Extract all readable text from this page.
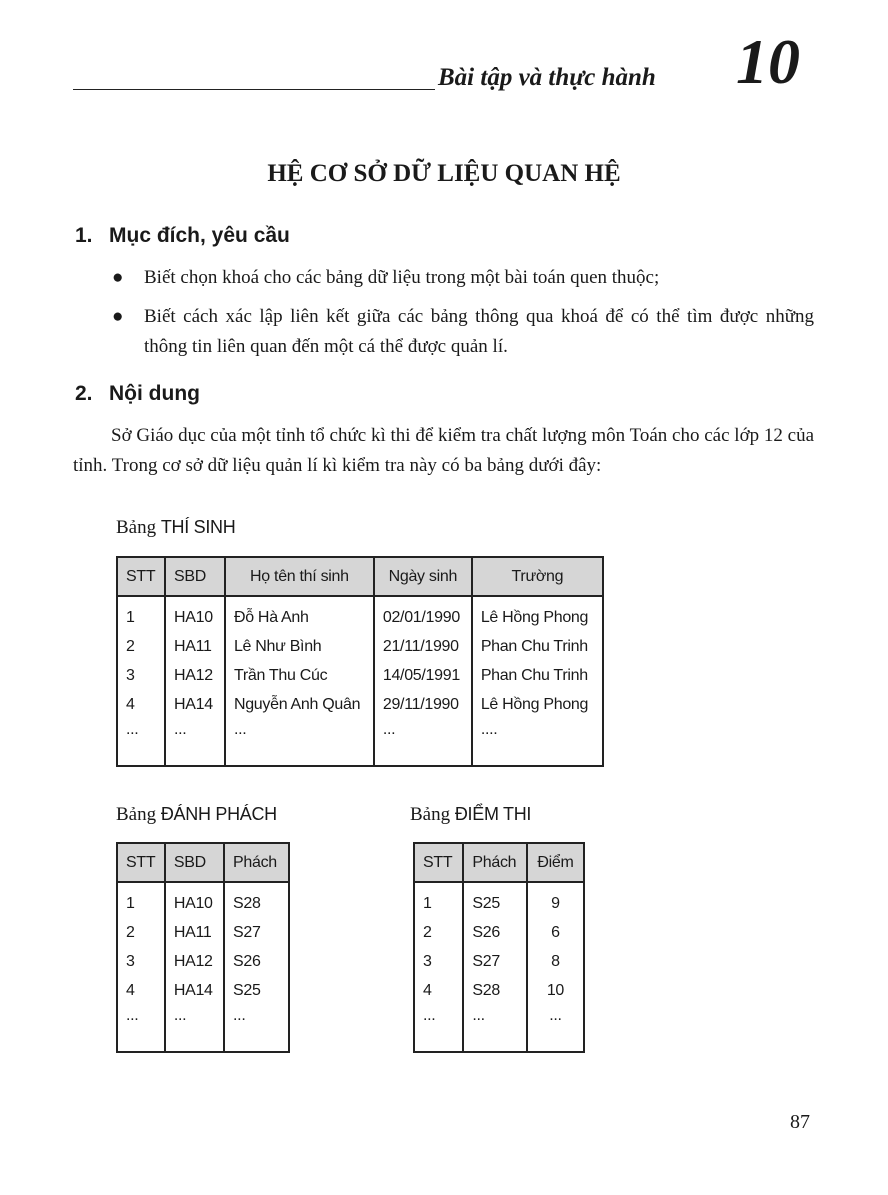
Bài tập và thực hành 10
HỆ CƠ SỞ DỮ LIỆU QUAN HỆ
1. Mục đích, yêu cầu
● Biết chọn khoá cho các bảng dữ liệu trong một bài toán quen thuộc;
● Biết cách xác lập liên kết giữa các bảng thông qua khoá để có thể tìm được những thông tin liên quan đến một cá thể được quản lí.
2. Nội dung
Sở Giáo dục của một tỉnh tổ chức kì thi để kiểm tra chất lượng môn Toán cho các lớp 12 của tỉnh. Trong cơ sở dữ liệu quản lí kì kiểm tra này có ba bảng dưới đây:
Bảng THÍ SINH
STT	SBD	Họ tên thí sinh	Ngày sinh	Trường
1	HA10	Đỗ Hà Anh	02/01/1990	Lê Hồng Phong
2	HA11	Lê Như Bình	21/11/1990	Phan Chu Trinh
3	HA12	Trần Thu Cúc	14/05/1991	Phan Chu Trinh
4	HA14	Nguyễn Anh Quân	29/11/1990	Lê Hồng Phong
...	...	...	...	....
Bảng ĐÁNH PHÁCH
STT	SBD	Phách
1	HA10	S28
2	HA11	S27
3	HA12	S26
4	HA14	S25
...	...	...
Bảng ĐIỂM THI
STT	Phách	Điểm
1	S25	9
2	S26	6
3	S27	8
4	S28	10
...	...	...
87
